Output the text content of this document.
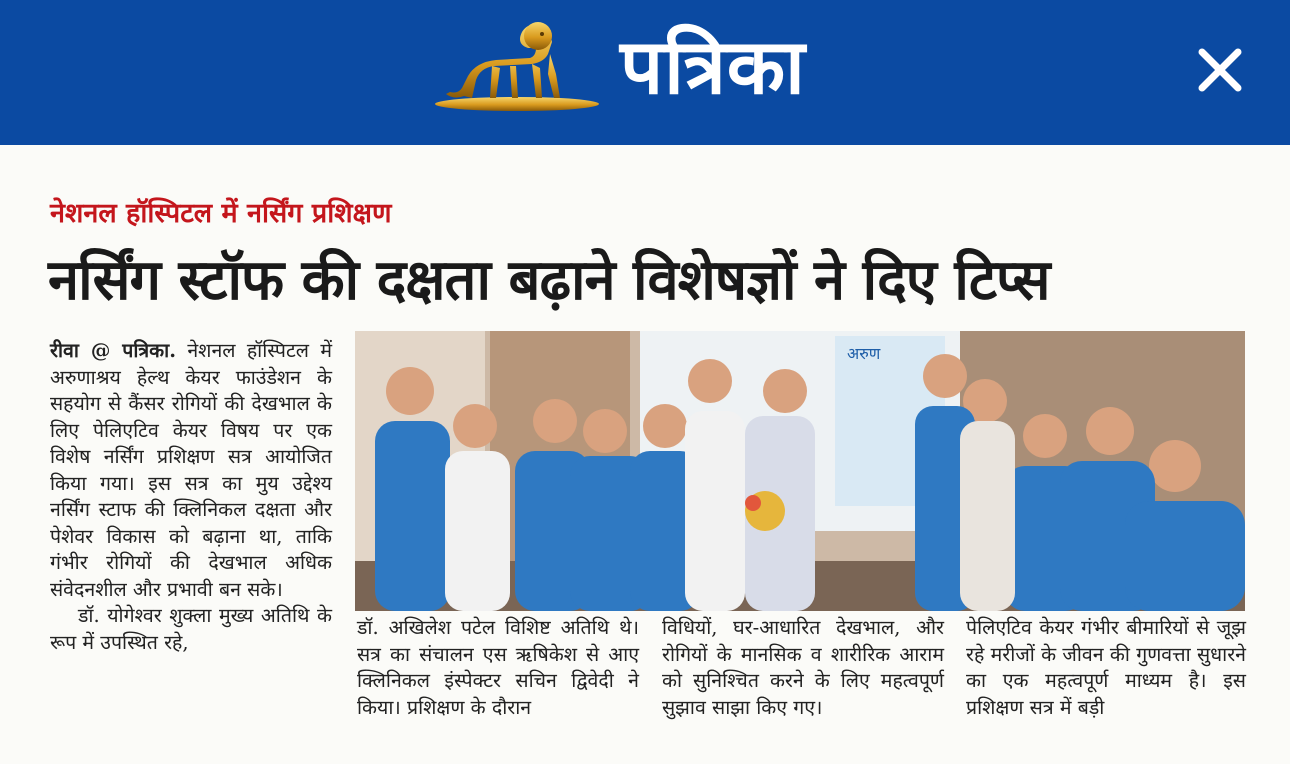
पत्रिका
नेशनल हॉस्पिटल में नर्सिंग प्रशिक्षण
नर्सिंग स्टॉफ की दक्षता बढ़ाने विशेषज्ञों ने दिए टिप्स

रीवा @ पत्रिका. नेशनल हॉस्पिटल में अरुणाश्रय हेल्थ केयर फाउंडेशन के सहयोग से कैंसर रोगियों की देखभाल के लिए पेलिएटिव केयर विषय पर एक विशेष नर्सिंग प्रशिक्षण सत्र आयोजित किया गया। इस सत्र का मुय उद्देश्य नर्सिंग स्टाफ की क्लिनिकल दक्षता और पेशेवर विकास को बढ़ाना था, ताकि गंभीर रोगियों की देखभाल अधिक संवेदनशील और प्रभावी बन सके।

डॉ. योगेश्वर शुक्ला मुख्य अतिथि के रूप में उपस्थित रहे,

अरुण
डॉ. अखिलेश पटेल विशिष्ट अतिथि थे। सत्र का संचालन एस ऋषिकेश से आए क्लिनिकल इंस्पेक्टर सचिन द्विवेदी ने किया। प्रशिक्षण के दौरान
विधियों, घर-आधारित देखभाल, और रोगियों के मानसिक व शारीरिक आराम को सुनिश्चित करने के लिए महत्वपूर्ण सुझाव साझा किए गए।
पेलिएटिव केयर गंभीर बीमारियों से जूझ रहे मरीजों के जीवन की गुणवत्ता सुधारने का एक महत्वपूर्ण माध्यम है। इस प्रशिक्षण सत्र में बड़ी
